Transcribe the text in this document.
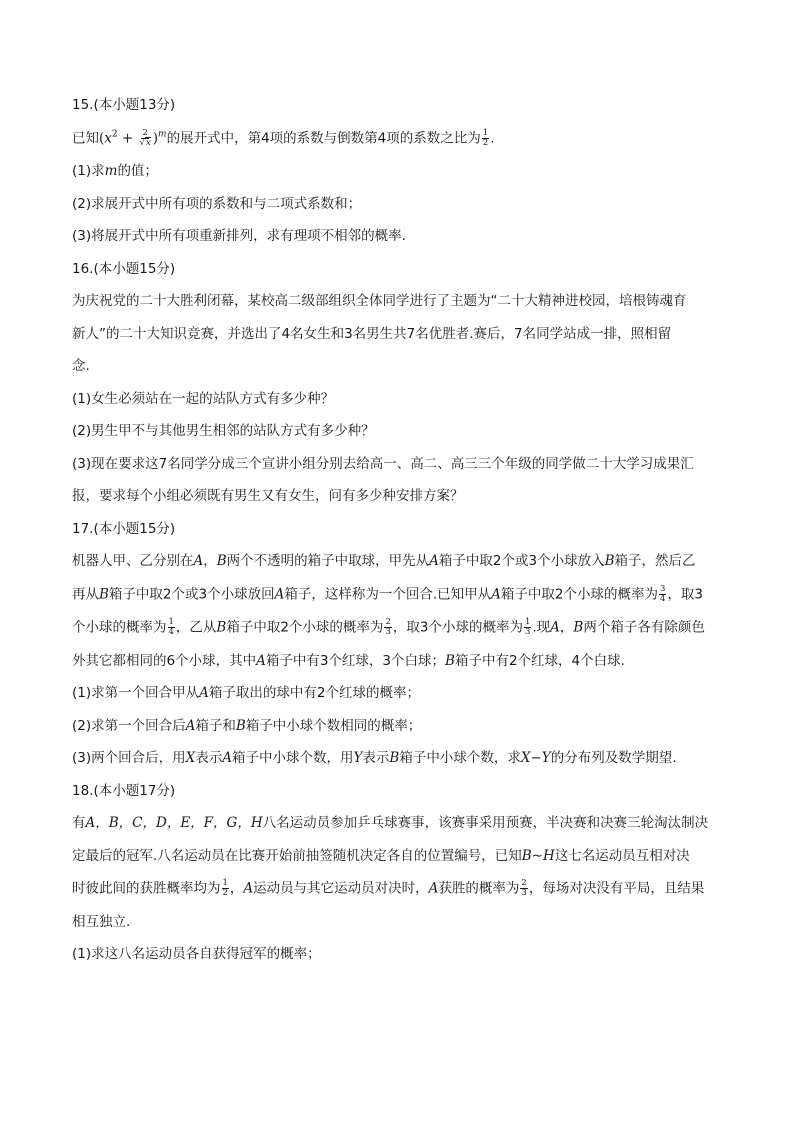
15.(本小题13分)
已知$(x^2 + \frac{2}{√x} )^m$的展开式中，第4项的系数与倒数第4项的系数之比为 $\frac{1}{2}$ .
(1)求m的值；
(2)求展开式中所有项的系数和与二项式系数和；
(3)将展开式中所有项重新排列，求有理项不相邻的概率.
16.(本小题15分)
为庆祝党的二十大胜利闭幕，某校高二级部组织全体同学进行了主题为“二十大精神进校园，培根铸魂育
新人”的二十大知识竞赛，并选出了4名女生和3名男生共7名优胜者.赛后，7名同学站成一排，照相留
念.
(1)女生必须站在一起的站队方式有多少种？
(2)男生甲不与其他男生相邻的站队方式有多少种？
(3)现在要求这7名同学分成三个宣讲小组分别去给高一、高二、高三三个年级的同学做二十大学习成果汇
报，要求每个小组必须既有男生又有女生，问有多少种安排方案？
17.(本小题15分)
机器人甲、乙分别在A，B两个不透明的箱子中取球，甲先从A箱子中取2个或3个小球放入B箱子，然后乙
再从B箱子中取2个或3个小球放回A箱子，这样称为一个回合.已知甲从A箱子中取2个小球的概率为 $\frac{3}{4}$ ，取3
个小球的概率为 $\frac{1}{4}$ ，乙从B箱子中取2个小球的概率为 $\frac{2}{3}$ ，取3个小球的概率为 $\frac{1}{3}$ .现A，B两个箱子各有除颜色
外其它都相同的6个小球，其中A箱子中有3个红球，3个白球；B箱子中有2个红球，4个白球.
(1)求第一个回合甲从A箱子取出的球中有2个红球的概率；
(2)求第一个回合后A箱子和B箱子中小球个数相同的概率；
(3)两个回合后，用X表示A箱子中小球个数，用Y表示B箱子中小球个数，求X−Y的分布列及数学期望.
18.(本小题17分)
有A，B，C，D，E，F，G，H八名运动员参加乒乓球赛事，该赛事采用预赛，半决赛和决赛三轮淘汰制决
定最后的冠军.八名运动员在比赛开始前抽签随机决定各自的位置编号，已知B∼H这七名运动员互相对决
时彼此间的获胜概率均为 $\frac{1}{2}$ ，A运动员与其它运动员对决时，A获胜的概率为 $\frac{2}{3}$ ，每场对决没有平局，且结果
相互独立.
(1)求这八名运动员各自获得冠军的概率；
